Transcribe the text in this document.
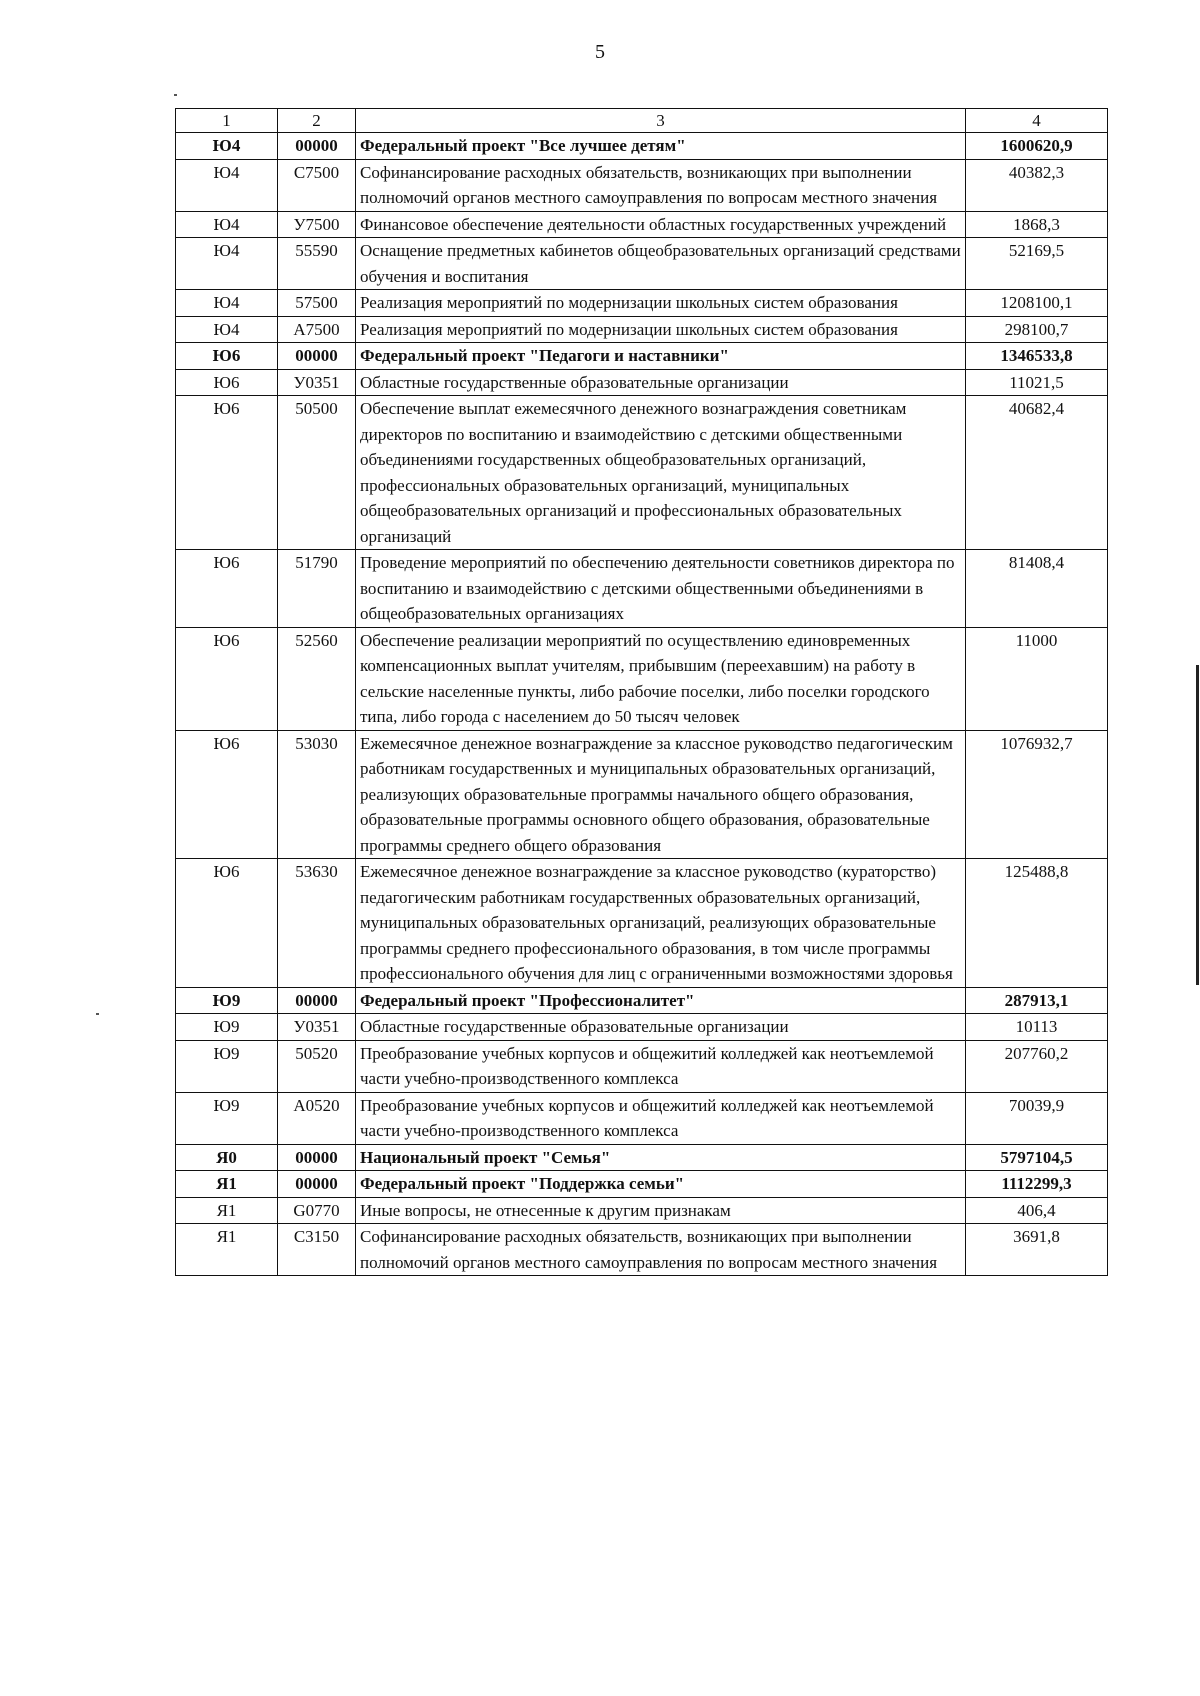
5
1	2	3	4
Ю4	00000	Федеральный проект "Все лучшее детям"	1600620,9
Ю4	C7500	Софинансирование расходных обязательств, возникающих при выполнении полномочий органов местного самоуправления по вопросам местного значения	40382,3
Ю4	У7500	Финансовое обеспечение деятельности областных государственных учреждений	1868,3
Ю4	55590	Оснащение предметных кабинетов общеобразовательных организаций средствами обучения и воспитания	52169,5
Ю4	57500	Реализация мероприятий по модернизации школьных систем образования	1208100,1
Ю4	A7500	Реализация мероприятий по модернизации школьных систем образования	298100,7
Ю6	00000	Федеральный проект "Педагоги и наставники"	1346533,8
Ю6	У0351	Областные государственные образовательные организации	11021,5
Ю6	50500	Обеспечение выплат ежемесячного денежного вознаграждения советникам директоров по воспитанию и взаимодействию с детскими общественными объединениями государственных общеобразовательных организаций, профессиональных образовательных организаций, муниципальных общеобразовательных организаций и профессиональных образовательных организаций	40682,4
Ю6	51790	Проведение мероприятий по обеспечению деятельности советников директора по воспитанию и взаимодействию с детскими общественными объединениями в общеобразовательных организациях	81408,4
Ю6	52560	Обеспечение реализации мероприятий по осуществлению единовременных компенсационных выплат учителям, прибывшим (переехавшим) на работу в сельские населенные пункты, либо рабочие поселки, либо поселки городского типа, либо города с населением до 50 тысяч человек	11000
Ю6	53030	Ежемесячное денежное вознаграждение за классное руководство педагогическим работникам государственных и муниципальных образовательных организаций, реализующих образовательные программы начального общего образования, образовательные программы основного общего образования, образовательные программы среднего общего образования	1076932,7
Ю6	53630	Ежемесячное денежное вознаграждение за классное руководство (кураторство) педагогическим работникам государственных образовательных организаций, муниципальных образовательных организаций, реализующих образовательные программы среднего профессионального образования, в том числе программы профессионального обучения для лиц с ограниченными возможностями здоровья	125488,8
Ю9	00000	Федеральный проект "Профессионалитет"	287913,1
Ю9	У0351	Областные государственные образовательные организации	10113
Ю9	50520	Преобразование учебных корпусов и общежитий колледжей как неотъемлемой части учебно-производственного комплекса	207760,2
Ю9	A0520	Преобразование учебных корпусов и общежитий колледжей как неотъемлемой части учебно-производственного комплекса	70039,9
Я0	00000	Национальный проект "Семья"	5797104,5
Я1	00000	Федеральный проект "Поддержка семьи"	1112299,3
Я1	G0770	Иные вопросы, не отнесенные к другим признакам	406,4
Я1	C3150	Софинансирование расходных обязательств, возникающих при выполнении полномочий органов местного самоуправления по вопросам местного значения	3691,8
